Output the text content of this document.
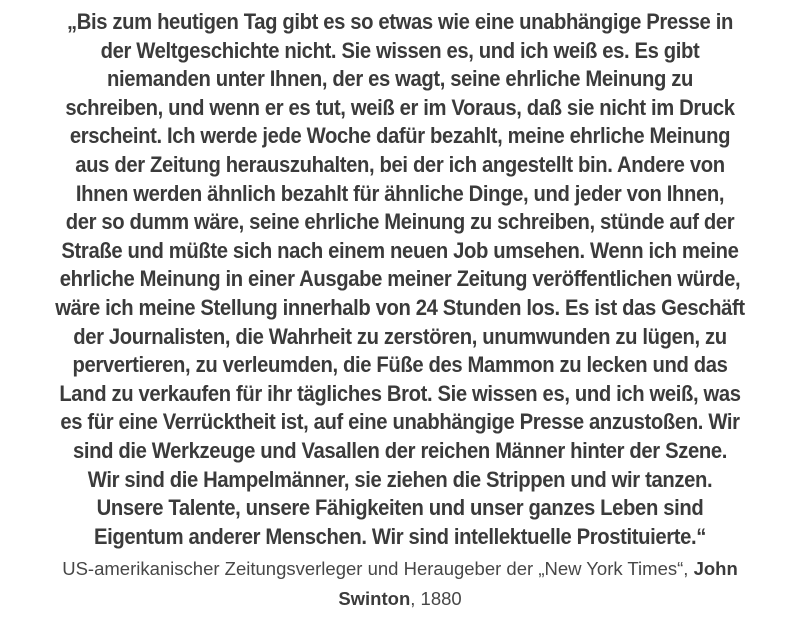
„Bis zum heutigen Tag gibt es so etwas wie eine unabhängige Presse in
der Weltgeschichte nicht. Sie wissen es, und ich weiß es. Es gibt
niemanden unter Ihnen, der es wagt, seine ehrliche Meinung zu
schreiben, und wenn er es tut, weiß er im Voraus, daß sie nicht im Druck
erscheint. Ich werde jede Woche dafür bezahlt, meine ehrliche Meinung
aus der Zeitung herauszuhalten, bei der ich angestellt bin. Andere von
Ihnen werden ähnlich bezahlt für ähnliche Dinge, und jeder von Ihnen,
der so dumm wäre, seine ehrliche Meinung zu schreiben, stünde auf der
Straße und müßte sich nach einem neuen Job umsehen. Wenn ich meine
ehrliche Meinung in einer Ausgabe meiner Zeitung veröffentlichen würde,
wäre ich meine Stellung innerhalb von 24 Stunden los. Es ist das Geschäft
der Journalisten, die Wahrheit zu zerstören, unumwunden zu lügen, zu
pervertieren, zu verleumden, die Füße des Mammon zu lecken und das
Land zu verkaufen für ihr tägliches Brot. Sie wissen es, und ich weiß, was
es für eine Verrücktheit ist, auf eine unabhängige Presse anzustoßen. Wir
sind die Werkzeuge und Vasallen der reichen Männer hinter der Szene.
Wir sind die Hampelmänner, sie ziehen die Strippen und wir tanzen.
Unsere Talente, unsere Fähigkeiten und unser ganzes Leben sind
Eigentum anderer Menschen. Wir sind intellektuelle Prostituierte.“

US-amerikanischer Zeitungsverleger und Heraugeber der „New York Times“, John
Swinton, 1880
